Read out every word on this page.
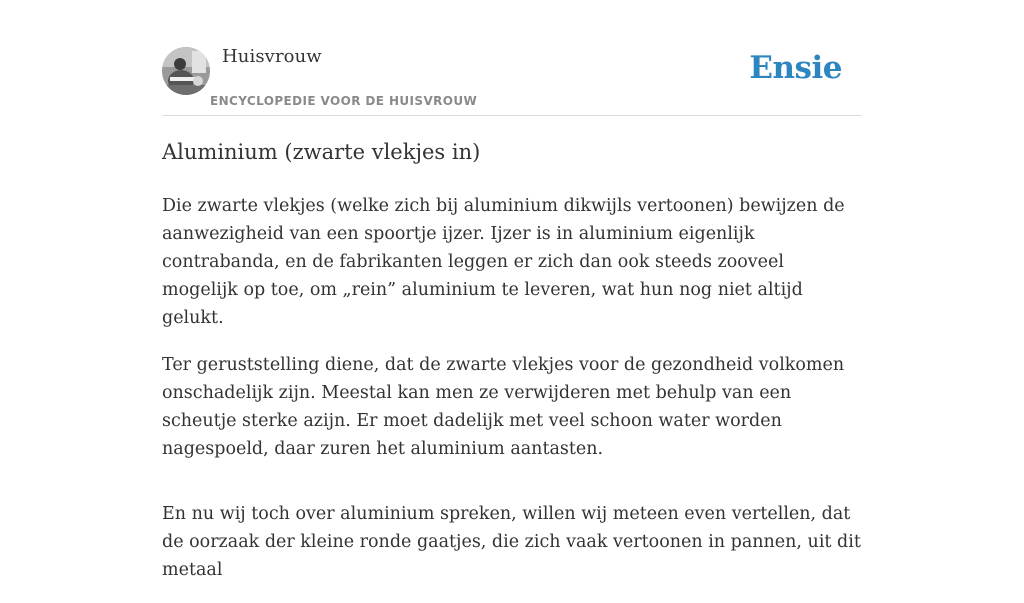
Huisvrouw
ENCYCLOPEDIE VOOR DE HUISVROUW
Ensie
Aluminium (zwarte vlekjes in)

Die zwarte vlekjes (welke zich bij aluminium dikwijls vertoonen) bewijzen de aanwezigheid van een spoortje ijzer. Ijzer is in aluminium eigenlijk contrabanda, en de fabrikanten leggen er zich dan ook steeds zooveel mogelijk op toe, om „rein” aluminium te leveren, wat hun nog niet altijd gelukt.

Ter geruststelling diene, dat de zwarte vlekjes voor de gezondheid volkomen onschadelijk zijn. Meestal kan men ze verwijderen met behulp van een scheutje sterke azijn. Er moet dadelijk met veel schoon water worden nagespoeld, daar zuren het aluminium aantasten.

En nu wij toch over aluminium spreken, willen wij meteen even vertellen, dat de oorzaak der kleine ronde gaatjes, die zich vaak vertoonen in pannen, uit dit metaal
